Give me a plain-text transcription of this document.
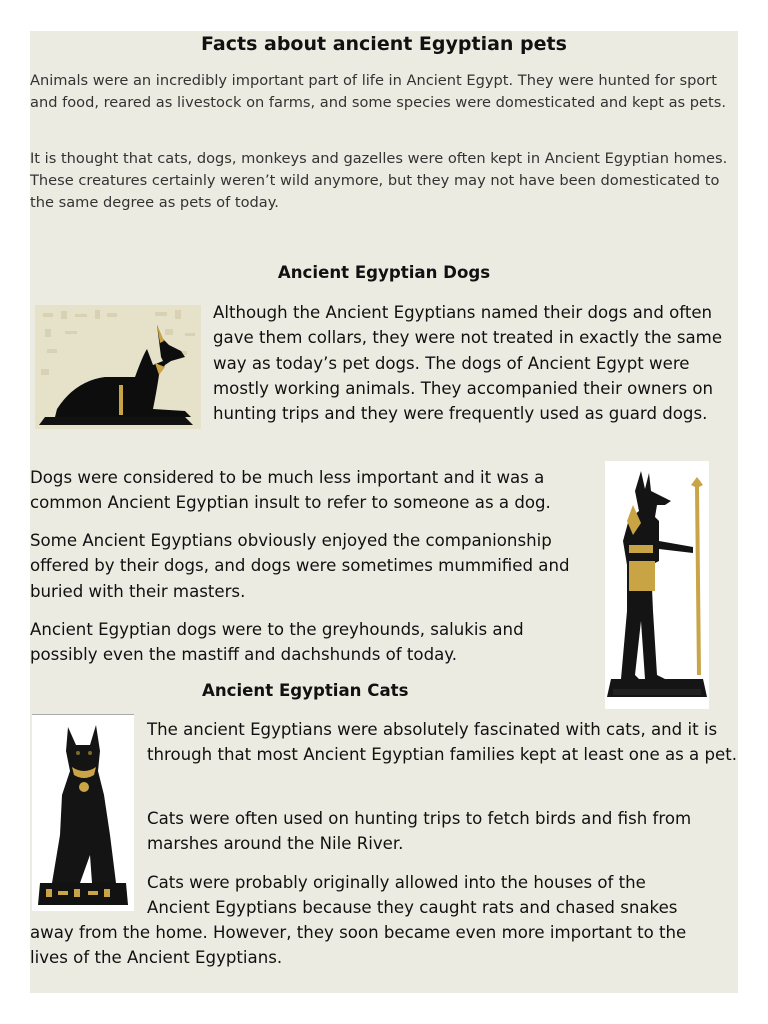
Facts about ancient Egyptian pets

Animals were an incredibly important part of life in Ancient Egypt. They were hunted for sport and food, reared as livestock on farms, and some species were domesticated and kept as pets.

It is thought that cats, dogs, monkeys and gazelles were often kept in Ancient Egyptian homes. These creatures certainly weren’t wild anymore, but they may not have been domesticated to the same degree as pets of today.

Ancient Egyptian Dogs

Although the Ancient Egyptians named their dogs and often gave them collars, they were not treated in exactly the same way as today’s pet dogs. The dogs of Ancient Egypt were mostly working animals. They accompanied their owners on hunting trips and they were frequently used as guard dogs.

Dogs were considered to be much less important and it was a common Ancient Egyptian insult to refer to someone as a dog.

Some Ancient Egyptians obviously enjoyed the companionship offered by their dogs, and dogs were sometimes mummified and buried with their masters.

Ancient Egyptian dogs were to the greyhounds, salukis and possibly even the mastiff and dachshunds of today.

Ancient Egyptian Cats

The ancient Egyptians were absolutely fascinated with cats, and it is through that most Ancient Egyptian families kept at least one as a pet.

Cats were often used on hunting trips to fetch birds and fish from marshes around the Nile River.

Cats were probably originally allowed into the houses of the
Ancient Egyptians because they caught rats and chased snakes
away from the home. However, they soon became even more important to the
lives of the Ancient Egyptians.
